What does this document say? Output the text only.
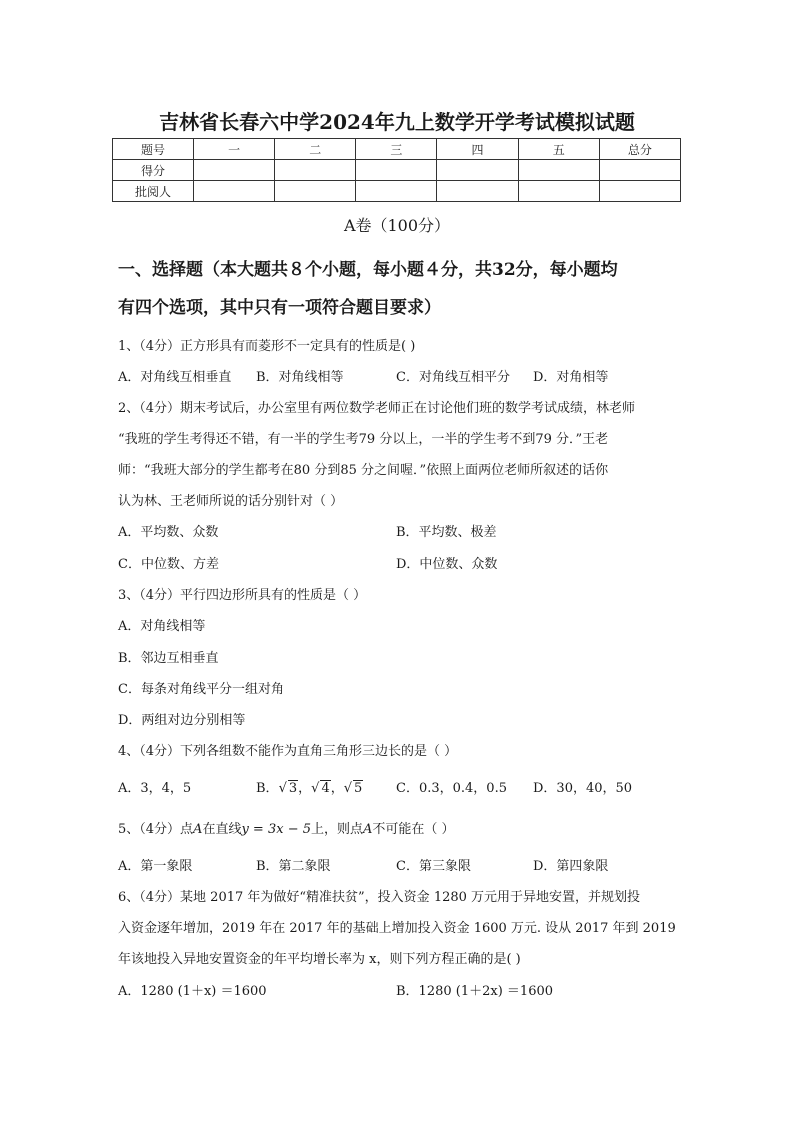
吉林省长春六中学2024年九上数学开学考试模拟试题
题号	一	二	三	四	五	总分
得分						
批阅人						
A卷（100分）
一、选择题（本大题共８个小题，每小题４分，共32分，每小题均
有四个选项，其中只有一项符合题目要求）
1、（4分）正方形具有而菱形不一定具有的性质是( )
A．对角线互相垂直 B．对角线相等	C．对角线互相平分 D．对角相等
2、（4分）期末考试后，办公室里有两位数学老师正在讨论他们班的数学考试成绩，林老师
“我班的学生考得还不错，有一半的学生考79 分以上，一半的学生考不到79 分．”王老
师：“我班大部分的学生都考在80 分到85 分之间喔．”依照上面两位老师所叙述的话你
认为林、王老师所说的话分别针对（ ）
A．平均数、众数	B．平均数、极差
C．中位数、方差	D．中位数、众数
3、（4分）平行四边形所具有的性质是（ ）
A．对角线相等
B．邻边互相垂直
C．每条对角线平分一组对角
D．两组对边分别相等
4、（4分）下列各组数不能作为直角三角形三边长的是（ ）
A．3，4，5	B．√ 3，√ 4，√ 5	C．0.3，0.4，0.5 D．30，40，50
5、（4分）点A在直线y = 3x − 5上，则点A不可能在（ ）
A．第一象限	B．第二象限	C．第三象限	D．第四象限
6、（4分）某地 2017 年为做好“精准扶贫”，投入资金 1280 万元用于异地安置，并规划投
入资金逐年增加，2019 年在 2017 年的基础上增加投入资金 1600 万元. 设从 2017 年到 2019
年该地投入异地安置资金的年平均增长率为 x，则下列方程正确的是( )
A．1280 (1＋x) ＝1600	B．1280 (1＋2x) ＝1600
